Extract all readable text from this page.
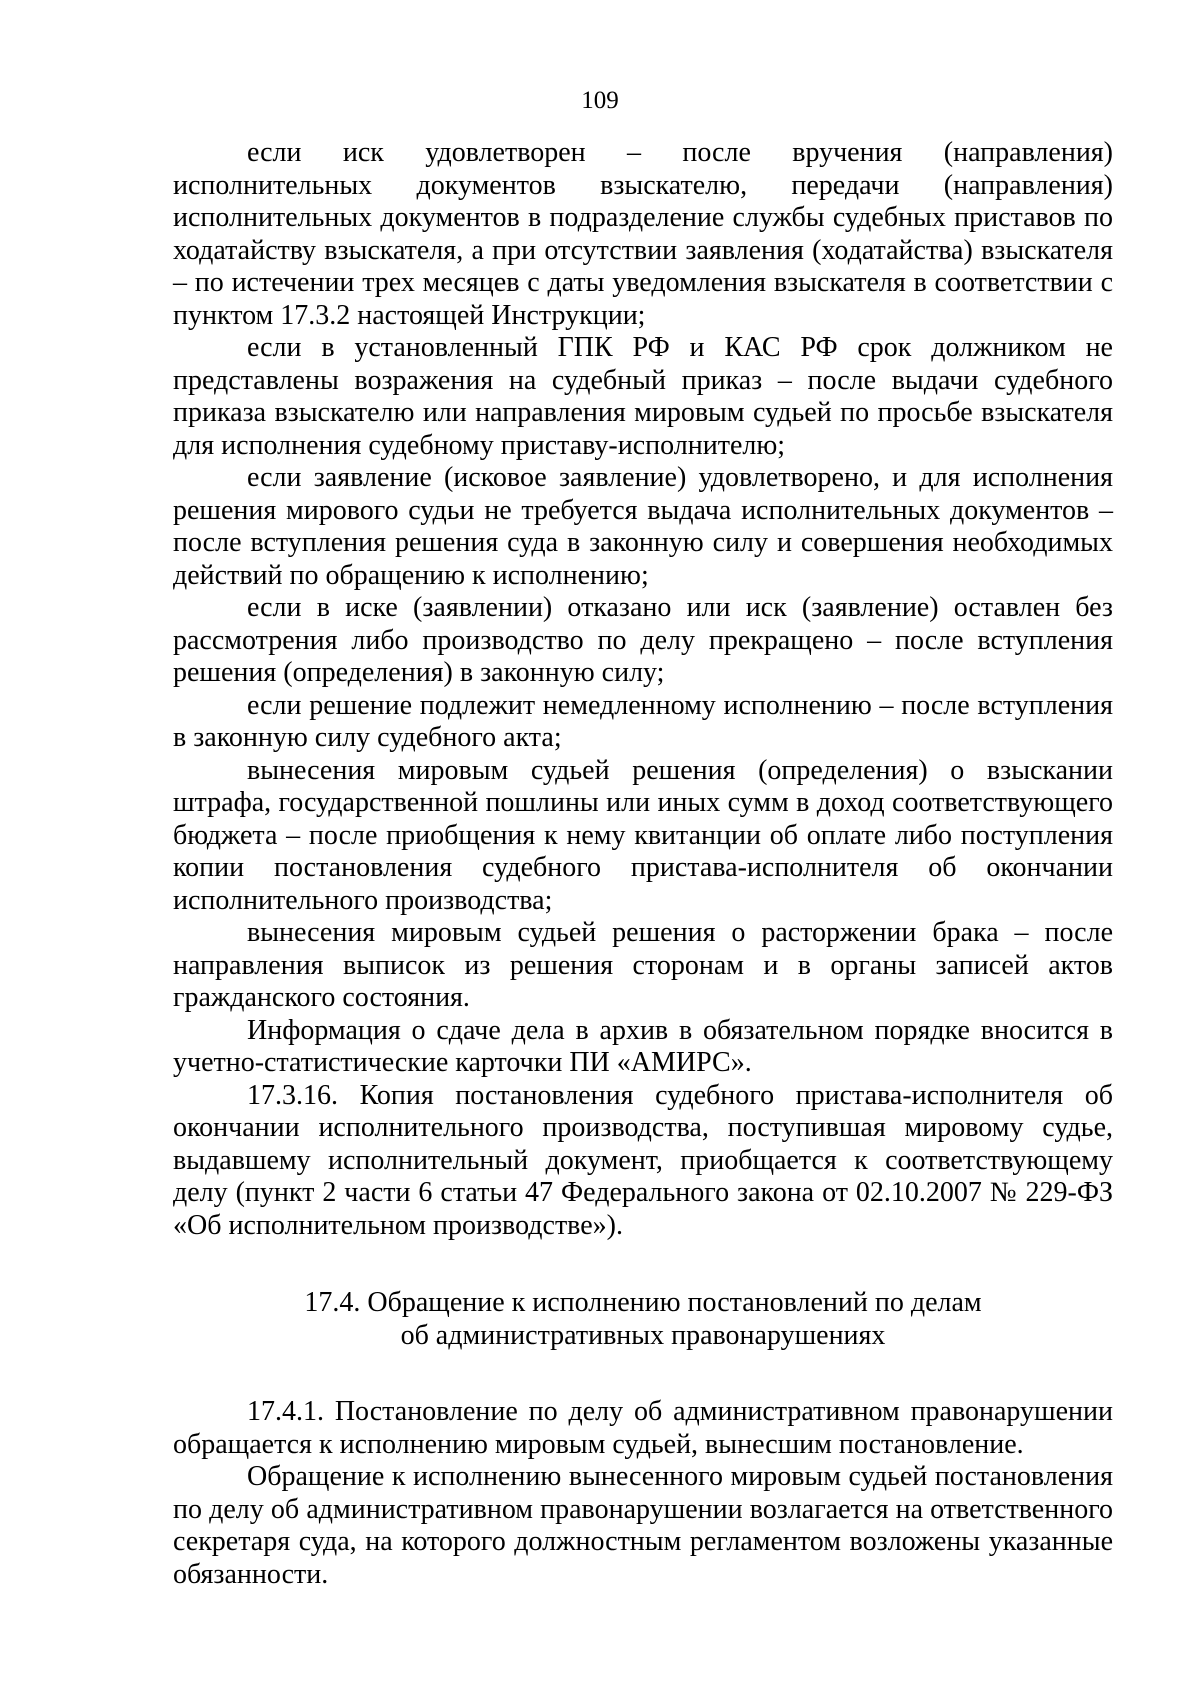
109

если иск удовлетворен – после вручения (направления) исполнительных документов взыскателю, передачи (направления) исполнительных документов в подразделение службы судебных приставов по ходатайству взыскателя, а при отсутствии заявления (ходатайства) взыскателя – по истечении трех месяцев с даты уведомления взыскателя в соответствии с пунктом 17.3.2 настоящей Инструкции;

если в установленный ГПК РФ и КАС РФ срок должником не представлены возражения на судебный приказ – после выдачи судебного приказа взыскателю или направления мировым судьей по просьбе взыскателя для исполнения судебному приставу-исполнителю;

если заявление (исковое заявление) удовлетворено, и для исполнения решения мирового судьи не требуется выдача исполнительных документов – после вступления решения суда в законную силу и совершения необходимых действий по обращению к исполнению;

если в иске (заявлении) отказано или иск (заявление) оставлен без рассмотрения либо производство по делу прекращено – после вступления решения (определения) в законную силу;

если решение подлежит немедленному исполнению – после вступления в законную силу судебного акта;

вынесения мировым судьей решения (определения) о взыскании штрафа, государственной пошлины или иных сумм в доход соответствующего бюджета – после приобщения к нему квитанции об оплате либо поступления копии постановления судебного пристава-исполнителя об окончании исполнительного производства;

вынесения мировым судьей решения о расторжении брака – после направления выписок из решения сторонам и в органы записей актов гражданского состояния.

Информация о сдаче дела в архив в обязательном порядке вносится в учетно-статистические карточки ПИ «АМИРС».

17.3.16. Копия постановления судебного пристава-исполнителя об окончании исполнительного производства, поступившая мировому судье, выдавшему исполнительный документ, приобщается к соответствующему делу (пункт 2 части 6 статьи 47 Федерального закона от 02.10.2007 № 229-ФЗ «Об исполнительном производстве»).

17.4. Обращение к исполнению постановлений по делам

об административных правонарушениях

17.4.1. Постановление по делу об административном правонарушении обращается к исполнению мировым судьей, вынесшим постановление.

Обращение к исполнению вынесенного мировым судьей постановления по делу об административном правонарушении возлагается на ответственного секретаря суда, на которого должностным регламентом возложены указанные обязанности.
